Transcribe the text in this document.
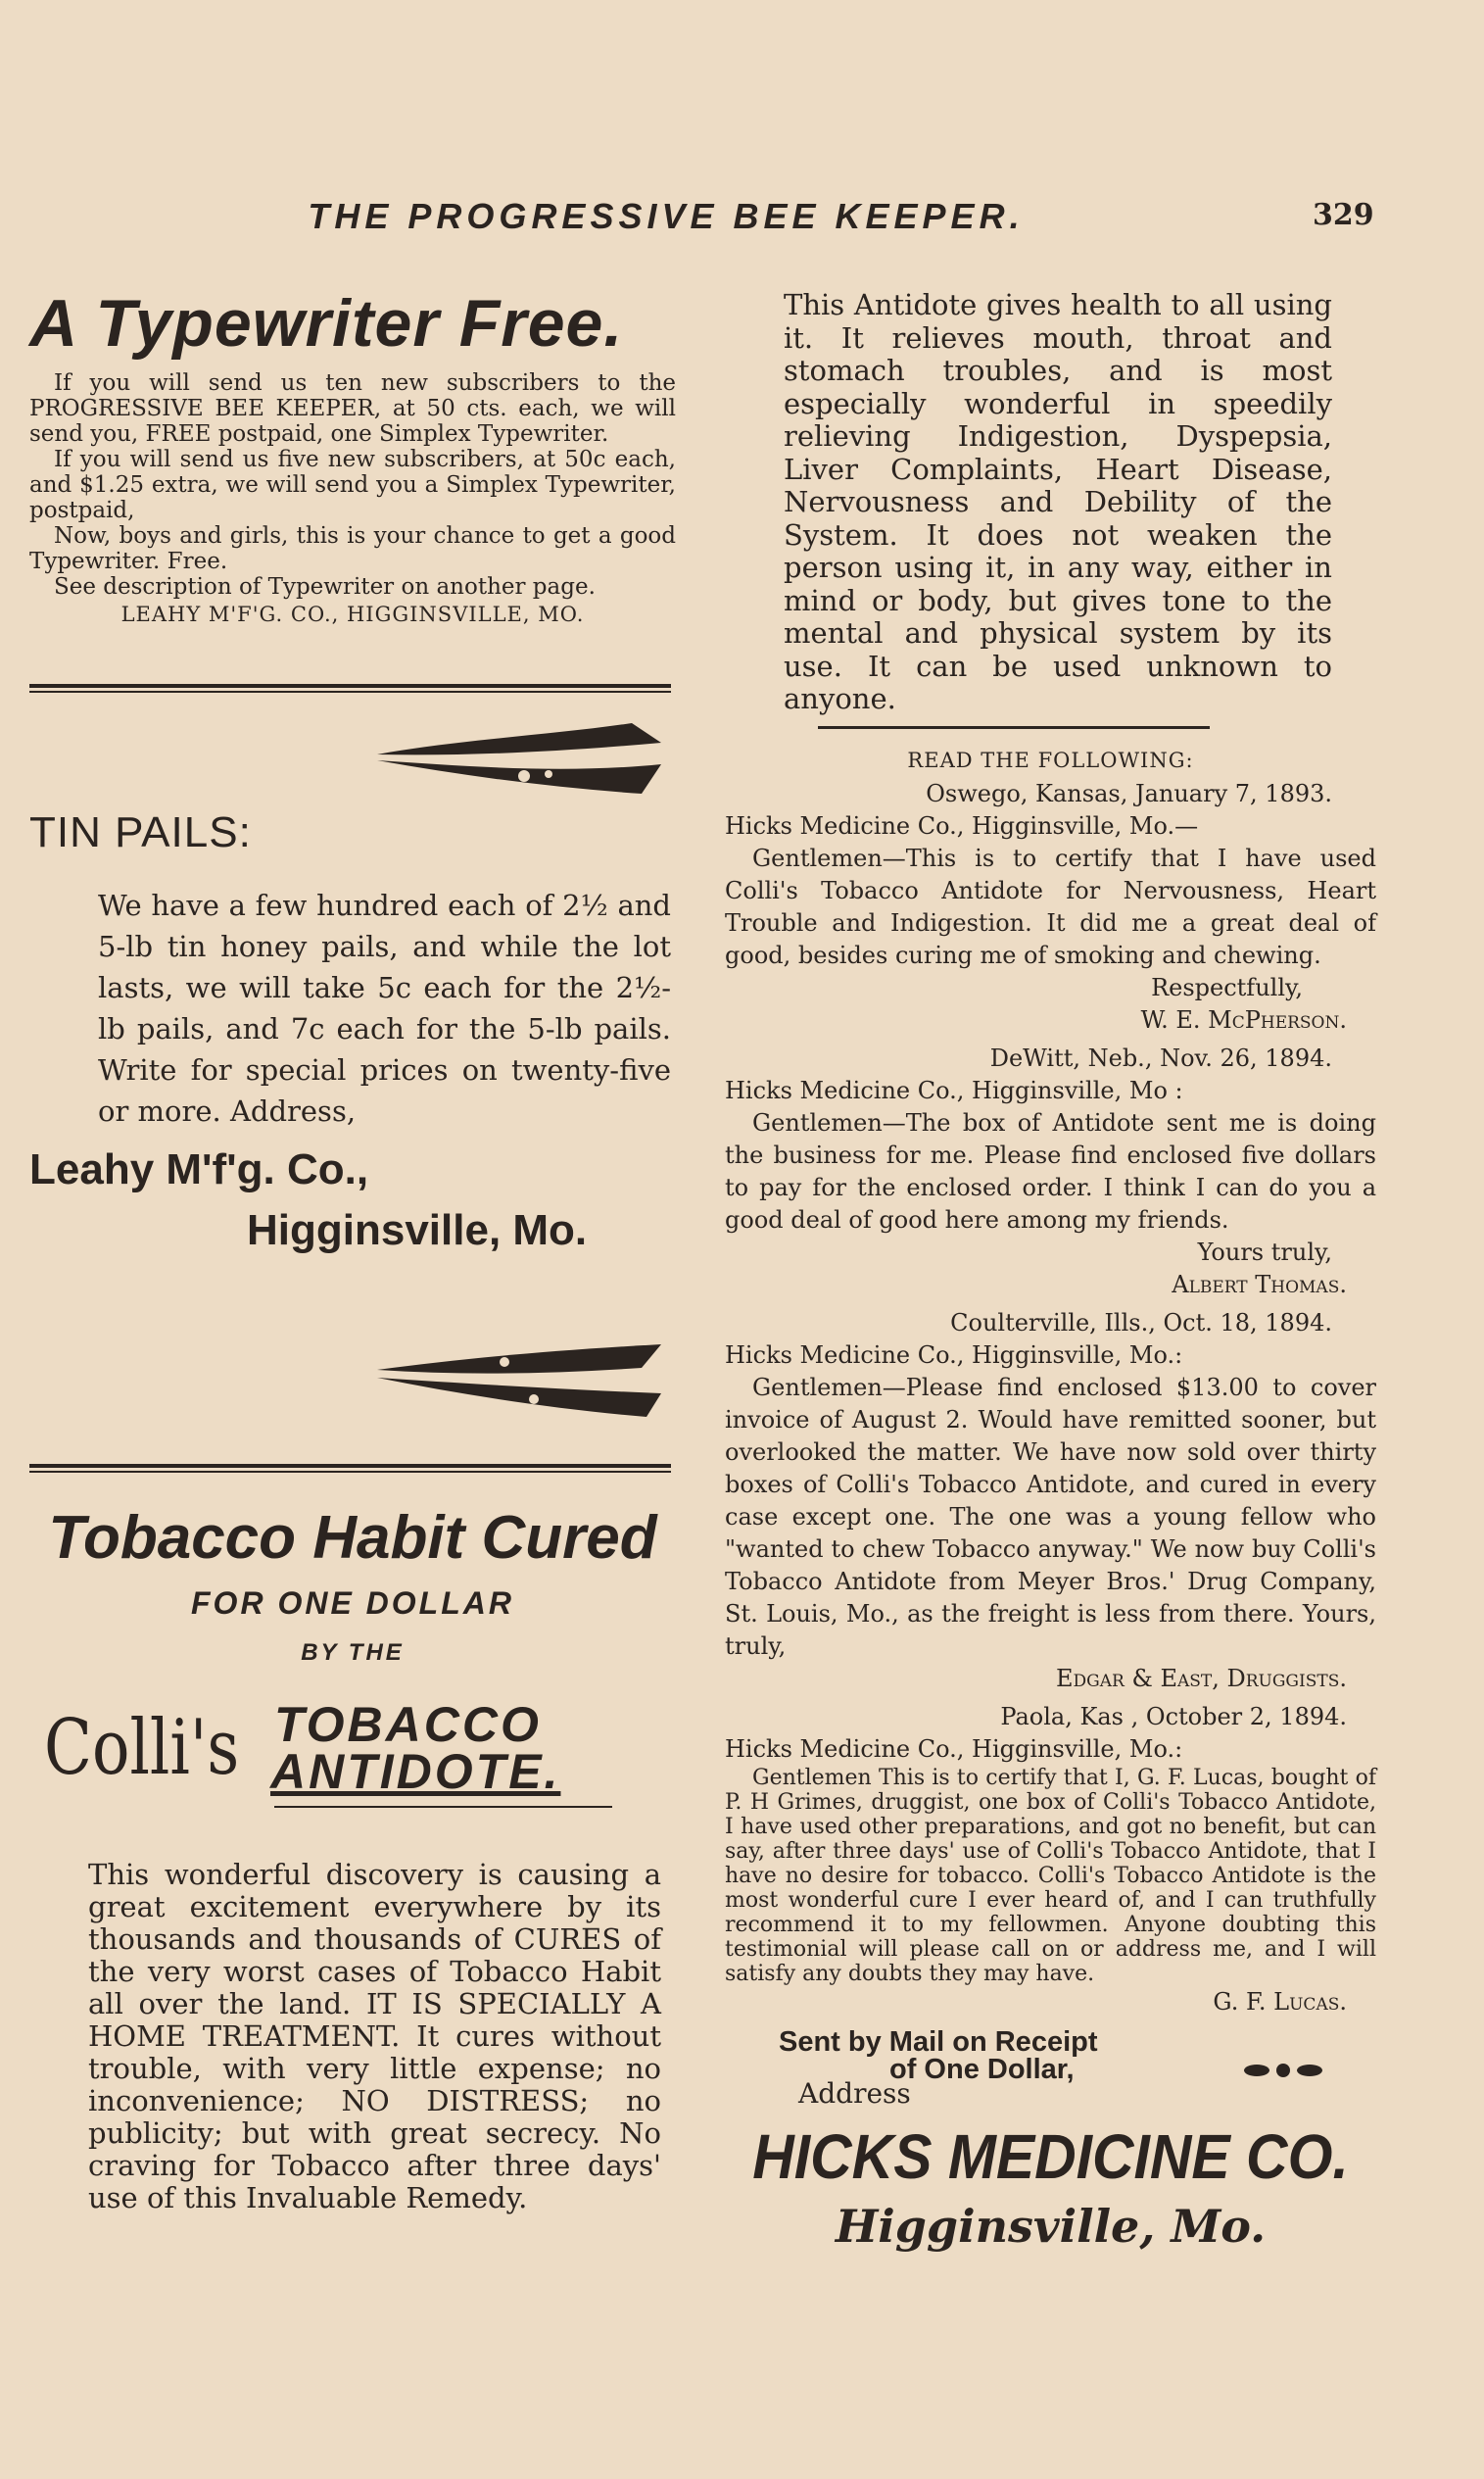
THE PROGRESSIVE BEE KEEPER.	329
A Typewriter Free.

If you will send us ten new subscribers to the PROGRESSIVE BEE KEEPER, at 50 cts. each, we will send you, FREE postpaid, one Simplex Typewriter.

If you will send us five new subscribers, at 50c each, and $1.25 extra, we will send you a Simplex Typewriter, postpaid,

Now, boys and girls, this is your chance to get a good Typewriter. Free.

See description of Typewriter on another page.

LEAHY M'F'G. CO., HIGGINSVILLE, MO.
TIN PAILS:
We have a few hundred each of 2½ and 5-lb tin honey pails, and while the lot lasts, we will take 5c each for the 2½-lb pails, and 7c each for the 5-lb pails. Write for special prices on twenty-five or more. Address,
Leahy M'f'g. Co.,
Higginsville, Mo.
Tobacco Habit Cured
FOR ONE DOLLAR
BY THE
Colli's TOBACCO
ANTIDOTE.
This wonderful discovery is causing a great excitement everywhere by its thousands and thousands of CURES of the very worst cases of Tobacco Habit all over the land. IT IS SPECIALLY A HOME TREATMENT. It cures without trouble, with very little expense; no inconvenience; NO DISTRESS; no publicity; but with great secrecy. No craving for Tobacco after three days' use of this Invaluable Remedy.
This Antidote gives health to all using it. It relieves mouth, throat and stomach troubles, and is most especially wonderful in speedily relieving Indigestion, Dyspepsia, Liver Complaints, Heart Disease, Nervousness and Debility of the System. It does not weaken the person using it, in any way, either in mind or body, but gives tone to the mental and physical system by its use. It can be used unknown to anyone.
READ THE FOLLOWING:

Oswego, Kansas, January 7, 1893.

Hicks Medicine Co., Higginsville, Mo.—

Gentlemen—This is to certify that I have used Colli's Tobacco Antidote for Nervousness, Heart Trouble and Indigestion. It did me a great deal of good, besides curing me of smoking and chewing.

Respectfully,

W. E. McPherson.

DeWitt, Neb., Nov. 26, 1894.

Hicks Medicine Co., Higginsville, Mo :

Gentlemen—The box of Antidote sent me is doing the business for me. Please find enclosed five dollars to pay for the enclosed order. I think I can do you a good deal of good here among my friends.

Yours truly,

Albert Thomas.

Coulterville, Ills., Oct. 18, 1894.

Hicks Medicine Co., Higginsville, Mo.:

Gentlemen—Please find enclosed $13.00 to cover invoice of August 2. Would have remitted sooner, but overlooked the matter. We have now sold over thirty boxes of Colli's Tobacco Antidote, and cured in every case except one. The one was a young fellow who "wanted to chew Tobacco anyway." We now buy Colli's Tobacco Antidote from Meyer Bros.' Drug Company, St. Louis, Mo., as the freight is less from there. Yours, truly,

Edgar & East, Druggists.

Paola, Kas , October 2, 1894.

Hicks Medicine Co., Higginsville, Mo.:

Gentlemen This is to certify that I, G. F. Lucas, bought of P. H Grimes, druggist, one box of Colli's Tobacco Antidote, I have used other preparations, and got no benefit, but can say, after three days' use of Colli's Tobacco Antidote, that I have no desire for tobacco. Colli's Tobacco Antidote is the most wonderful cure I ever heard of, and I can truthfully recommend it to my fellowmen. Anyone doubting this testimonial will please call on or address me, and I will satisfy any doubts they may have.

G. F. Lucas.

Sent by Mail on Receipt
of One Dollar,
Address
HICKS MEDICINE CO.
Higginsville, Mo.
